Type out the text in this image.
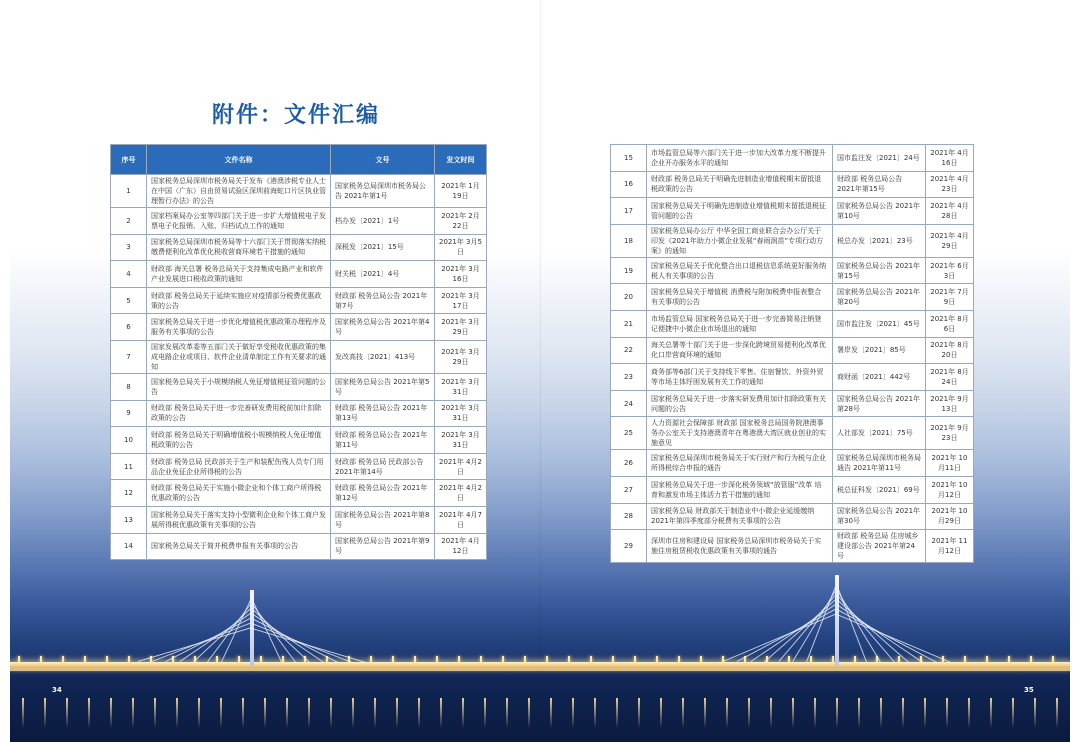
附件：文件汇编
序号	文件名称	文号	发文时间
1	国家税务总局深圳市税务局关于发布《港澳涉税专业人士在中国（广东）自由贸易试验区深圳前海蛇口片区执业管理暂行办法》的公告	国家税务总局深圳市税务局公告 2021年第1号	2021年 1月19日
2	国家档案局办公室等四部门关于进一步扩大增值税电子发票电子化报销、入账、归档试点工作的通知	档办发〔2021〕1号	2021年 2月22日
3	国家税务总局深圳市税务局等十六部门关于贯彻落实纳税缴费便利化改革优化税收营商环境若干措施的通知	深税发〔2021〕15号	2021年 3月5日
4	财政部 海关总署 税务总局关于支持集成电路产业和软件产业发展进口税收政策的通知	财关税〔2021〕4号	2021年 3月16日
5	财政部 税务总局关于延续实施应对疫情部分税费优惠政策的公告	财政部 税务总局公告 2021年第7号	2021年 3月17日
6	国家税务总局关于进一步优化增值税优惠政策办理程序及服务有关事项的公告	国家税务总局公告 2021年第4号	2021年 3月29日
7	国家发展改革委等五部门关于做好享受税收优惠政策的集成电路企业或项目、软件企业清单制定工作有关要求的通知	发改高技〔2021〕413号	2021年 3月29日
8	国家税务总局关于小规模纳税人免征增值税征管问题的公告	国家税务总局公告 2021年第5号	2021年 3月31日
9	财政部 税务总局关于进一步完善研发费用税前加计扣除政策的公告	财政部 税务总局公告 2021年第13号	2021年 3月31日
10	财政部 税务总局关于明确增值税小规模纳税人免征增值税政策的公告	财政部 税务总局公告 2021年第11号	2021年 3月31日
11	财政部 税务总局 民政部关于生产和装配伤残人员专门用品企业免征企业所得税的公告	财政部 税务总局 民政部公告 2021年第14号	2021年 4月2日
12	财政部 税务总局关于实施小微企业和个体工商户所得税优惠政策的公告	财政部 税务总局公告 2021年第12号	2021年 4月2日
13	国家税务总局关于落实支持小型微利企业和个体工商户发展所得税优惠政策有关事项的公告	国家税务总局公告 2021年第8号	2021年 4月7日
14	国家税务总局关于简并税费申报有关事项的公告	国家税务总局公告 2021年第9号	2021年 4月12日
15	市场监管总局等六部门关于进一步加大改革力度不断提升企业开办服务水平的通知	国市监注发〔2021〕24号	2021年 4月16日
16	财政部 税务总局关于明确先进制造业增值税期末留抵退税政策的公告	财政部 税务总局公告 2021年第15号	2021年 4月23日
17	国家税务总局关于明确先进制造业增值税期末留抵退税征管问题的公告	国家税务总局公告 2021年第10号	2021年 4月28日
18	国家税务总局办公厅 中华全国工商业联合会办公厅关于印发《2021年助力小微企业发展“春雨润苗”专项行动方案》的通知	税总办发〔2021〕23号	2021年 4月29日
19	国家税务总局关于优化整合出口退税信息系统更好服务纳税人有关事项的公告	国家税务总局公告 2021年第15号	2021年 6月3日
20	国家税务总局关于增值税 消费税与附加税费申报表整合有关事项的公告	国家税务总局公告 2021年第20号	2021年 7月9日
21	市场监管总局 国家税务总局关于进一步完善简易注销登记便捷中小微企业市场退出的通知	国市监注发〔2021〕45号	2021年 8月6日
22	海关总署等十部门关于进一步深化跨境贸易便利化改革优化口岸营商环境的通知	署岸发〔2021〕85号	2021年 8月20日
23	商务部等6部门关于支持线下零售、住宿餐饮、外资外贸等市场主体纾困发展有关工作的通知	商财函〔2021〕442号	2021年 8月24日
24	国家税务总局关于进一步落实研发费用加计扣除政策有关问题的公告	国家税务总局公告 2021年第28号	2021年 9月13日
25	人力资源社会保障部 财政部 国家税务总局国务院港澳事务办公室关于支持港澳青年在粤港澳大湾区就业创业的实施意见	人社部发〔2021〕75号	2021年 9月23日
26	国家税务总局深圳市税务局关于实行财产和行为税与企业所得税综合申报的通告	国家税务总局深圳市税务局通告 2021年第11号	2021年 10月11日
27	国家税务总局关于进一步深化税务领域“放管服”改革 培育和激发市场主体活力若干措施的通知	税总征科发〔2021〕69号	2021年 10月12日
28	国家税务总局 财政部关于制造业中小微企业延缓缴纳2021年第四季度部分税费有关事项的公告	国家税务总局公告 2021年第30号	2021年 10月29日
29	深圳市住房和建设局 国家税务总局深圳市税务局关于实施住房租赁税收优惠政策有关事项的通告	财政部 税务总局 住房城乡建设部公告 2021年第24号	2021年 11月12日
34	35
